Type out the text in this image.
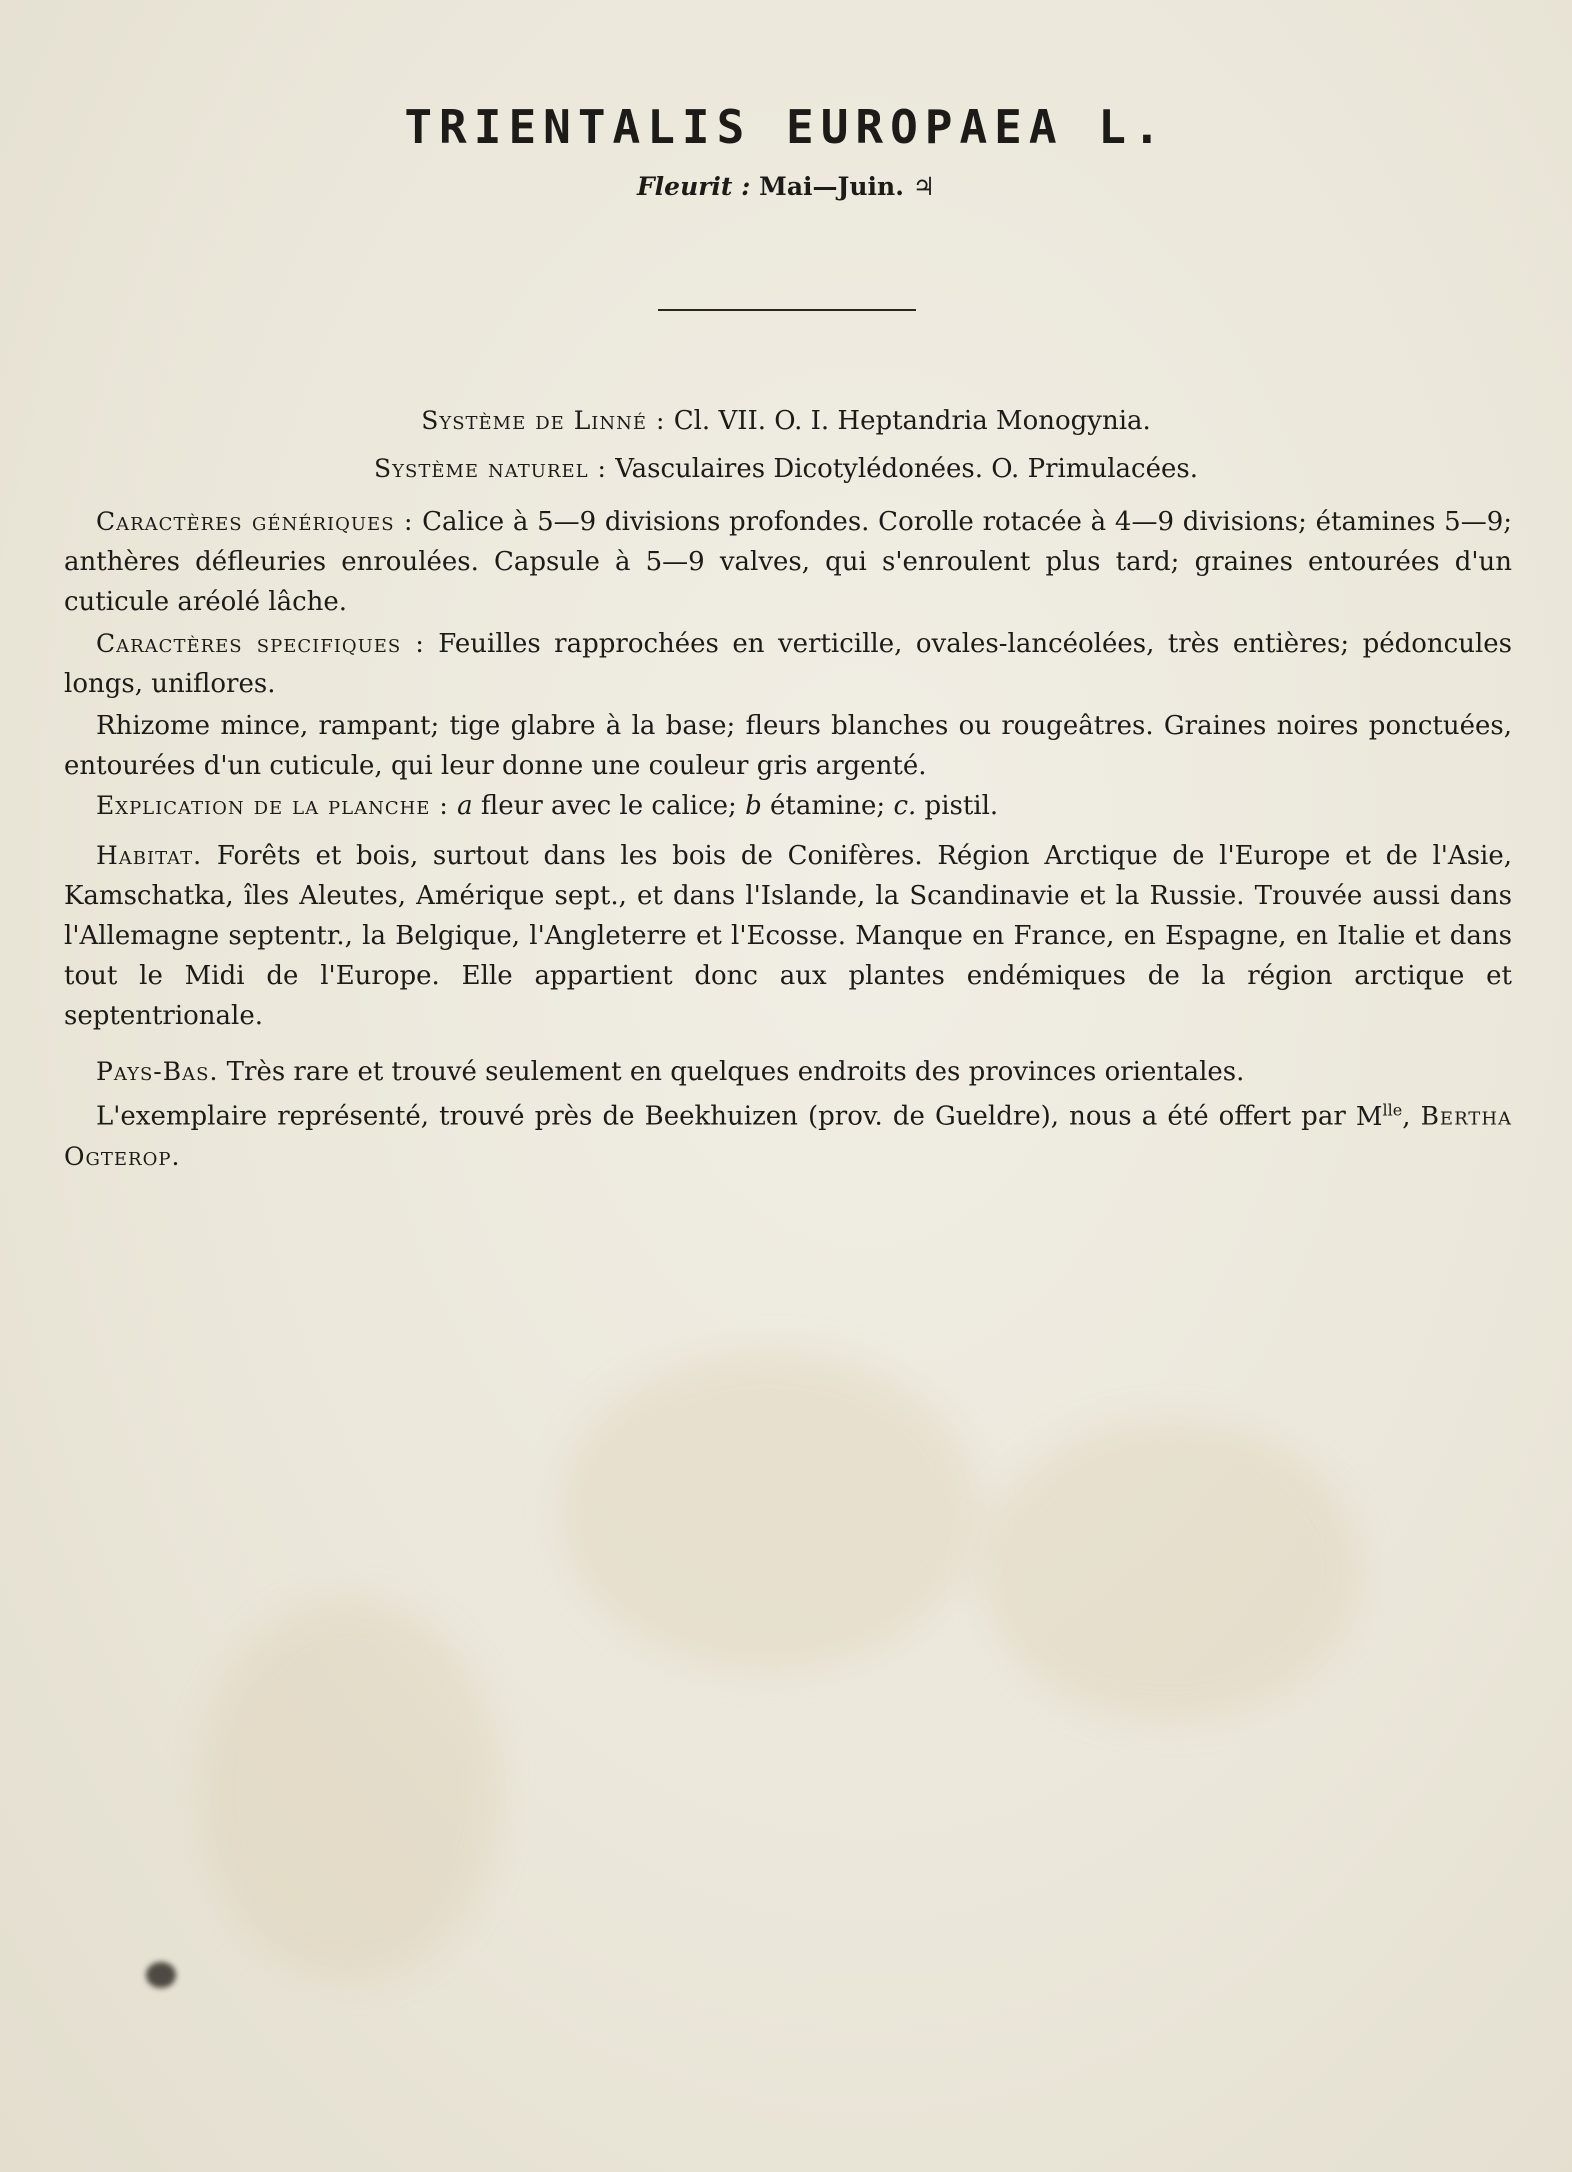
TRIENTALIS EUROPAEA L.
Fleurit : Mai—Juin. ♃
Système de Linné : Cl. VII. O. I. Heptandria Monogynia.
Système naturel : Vasculaires Dicotylédonées. O. Primulacées.
Caractères génériques : Calice à 5—9 divisions profondes. Corolle rotacée à 4—9 divisions; étamines 5—9; anthères défleuries enroulées. Capsule à 5—9 valves, qui s'enroulent plus tard; graines entourées d'un cuticule aréolé lâche.
Caractères specifiques : Feuilles rapprochées en verticille, ovales-lancéolées, très entières; pédoncules longs, uniflores.
Rhizome mince, rampant; tige glabre à la base; fleurs blanches ou rougeâtres. Graines noires ponctuées, entourées d'un cuticule, qui leur donne une couleur gris argenté.
Explication de la planche : a fleur avec le calice; b étamine; c. pistil.
Habitat. Forêts et bois, surtout dans les bois de Conifères. Région Arctique de l'Europe et de l'Asie, Kamschatka, îles Aleutes, Amérique sept., et dans l'Islande, la Scandinavie et la Russie. Trouvée aussi dans l'Allemagne septentr., la Belgique, l'Angleterre et l'Ecosse. Manque en France, en Espagne, en Italie et dans tout le Midi de l'Europe. Elle appartient donc aux plantes endémiques de la région arctique et septentrionale.
Pays-Bas. Très rare et trouvé seulement en quelques endroits des provinces orientales.
L'exemplaire représenté, trouvé près de Beekhuizen (prov. de Gueldre), nous a été offert par $M^{lle}$, Bertha Ogterop.
